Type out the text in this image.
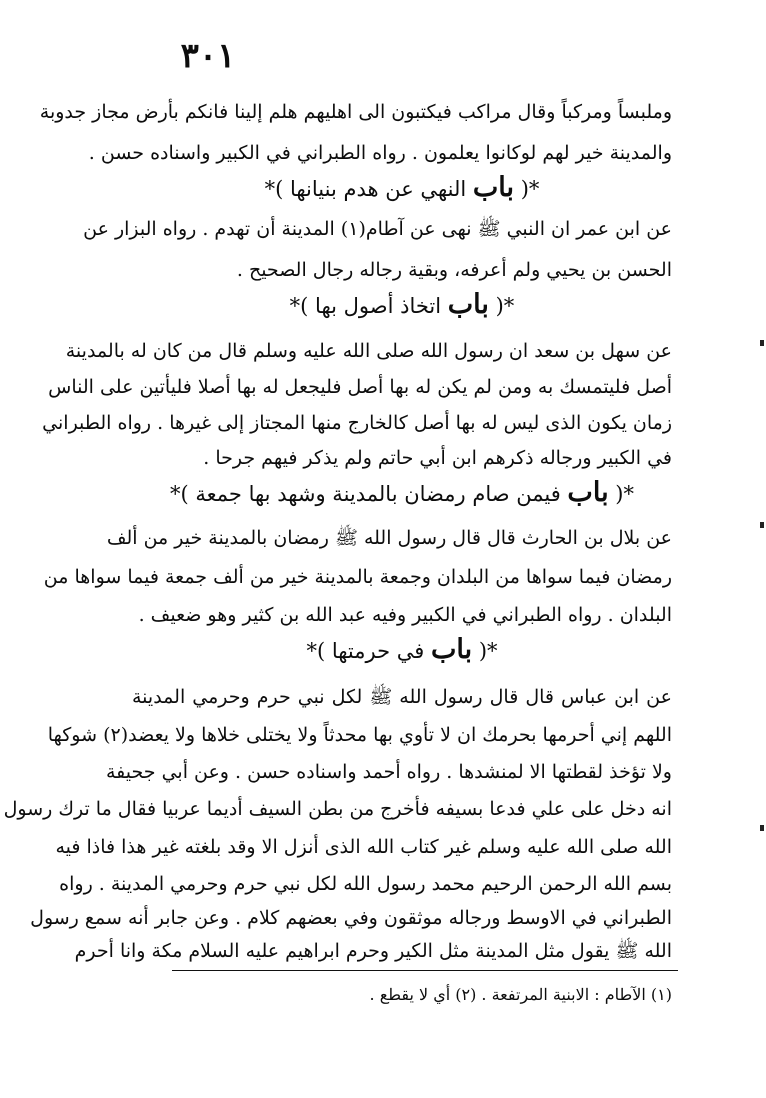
٣٠١
وملبساً ومركباً وقال مراكب فيكتبون الى اهليهم هلم إلينا فانكم بأرض مجاز جدوبة
والمدينة خير لهم لوكانوا يعلمون . رواه الطبراني في الكبير واسناده حسن .
*( باب النهي عن هدم بنيانها )*
عن ابن عمر ان النبي ﷺ نهى عن آطام(١) المدينة أن تهدم . رواه البزار عن
الحسن بن يحيي ولم أعرفه، وبقية رجاله رجال الصحيح .
*( باب اتخاذ أصول بها )*
عن سهل بن سعد ان رسول الله صلى الله عليه وسلم قال من كان له بالمدينة
أصل فليتمسك به ومن لم يكن له بها أصل فليجعل له بها أصلا فليأتين على الناس
زمان يكون الذى ليس له بها أصل كالخارج منها المجتاز إلى غيرها . رواه الطبراني
في الكبير ورجاله ذكرهم ابن أبي حاتم ولم يذكر فيهم جرحا .
*( باب فيمن صام رمضان بالمدينة وشهد بها جمعة )*
عن بلال بن الحارث قال قال رسول الله ﷺ رمضان بالمدينة خير من ألف
رمضان فيما سواها من البلدان وجمعة بالمدينة خير من ألف جمعة فيما سواها من
البلدان . رواه الطبراني في الكبير وفيه عبد الله بن كثير وهو ضعيف .
*( باب في حرمتها )*
عن ابن عباس قال قال رسول الله ﷺ لكل نبي حرم وحرمي المدينة
اللهم إني أحرمها بحرمك ان لا تأوي بها محدثاً ولا يختلى خلاها ولا يعضد(٢) شوكها
ولا تؤخذ لقطتها الا لمنشدها . رواه أحمد واسناده حسن . وعن أبي جحيفة
انه دخل على علي فدعا بسيفه فأخرج من بطن السيف أديما عربيا فقال ما ترك رسول
الله صلى الله عليه وسلم غير كتاب الله الذى أنزل الا وقد بلغته غير هذا فاذا فيه
بسم الله الرحمن الرحيم محمد رسول الله لكل نبي حرم وحرمي المدينة . رواه
الطبراني في الاوسط ورجاله موثقون وفي بعضهم كلام . وعن جابر أنه سمع رسول
الله ﷺ يقول مثل المدينة مثل الكير وحرم ابراهيم عليه السلام مكة وانا أحرم
(١) الآطام : الابنية المرتفعة . (٢) أي لا يقطع .
